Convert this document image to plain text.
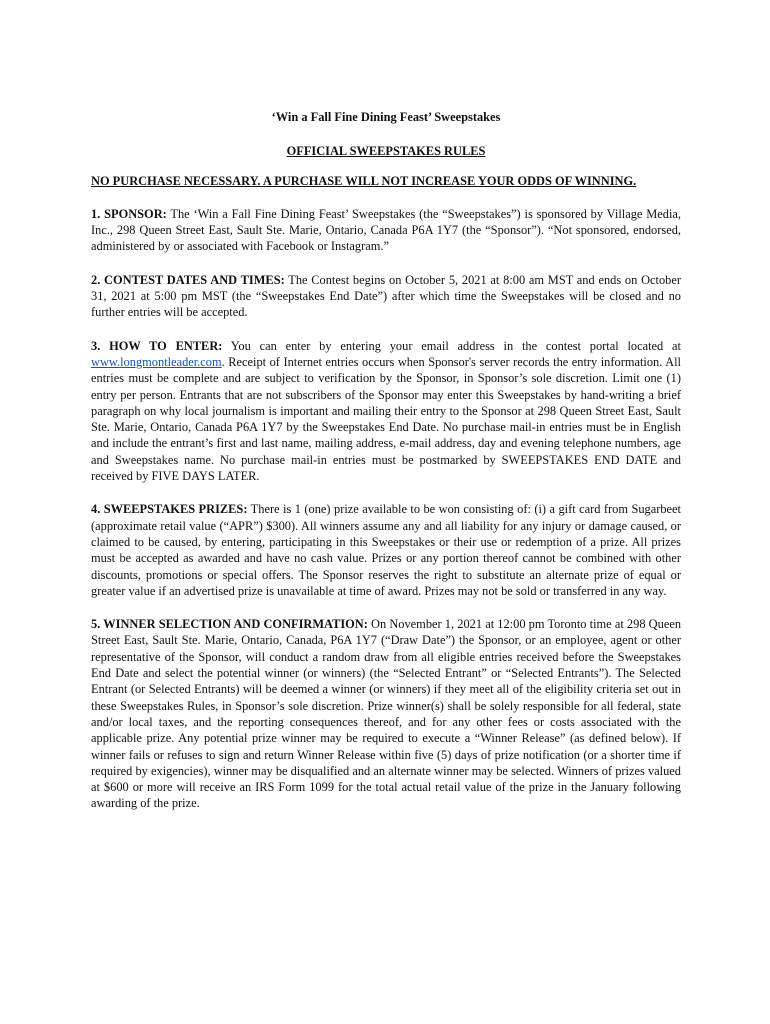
‘Win a Fall Fine Dining Feast’ Sweepstakes
OFFICIAL SWEEPSTAKES RULES
NO PURCHASE NECESSARY. A PURCHASE WILL NOT INCREASE YOUR ODDS OF WINNING.
1. SPONSOR: The ‘Win a Fall Fine Dining Feast’ Sweepstakes (the “Sweepstakes”) is sponsored by Village Media, Inc., 298 Queen Street East, Sault Ste. Marie, Ontario, Canada P6A 1Y7 (the “Sponsor”). “Not sponsored, endorsed, administered by or associated with Facebook or Instagram.”
2. CONTEST DATES AND TIMES: The Contest begins on October 5, 2021 at 8:00 am MST and ends on October 31, 2021 at 5:00 pm MST (the “Sweepstakes End Date”) after which time the Sweepstakes will be closed and no further entries will be accepted.
3. HOW TO ENTER: You can enter by entering your email address in the contest portal located at www.longmontleader.com. Receipt of Internet entries occurs when Sponsor's server records the entry information. All entries must be complete and are subject to verification by the Sponsor, in Sponsor’s sole discretion. Limit one (1) entry per person. Entrants that are not subscribers of the Sponsor may enter this Sweepstakes by hand-writing a brief paragraph on why local journalism is important and mailing their entry to the Sponsor at 298 Queen Street East, Sault Ste. Marie, Ontario, Canada P6A 1Y7 by the Sweepstakes End Date. No purchase mail-in entries must be in English and include the entrant’s first and last name, mailing address, e-mail address, day and evening telephone numbers, age and Sweepstakes name. No purchase mail-in entries must be postmarked by SWEEPSTAKES END DATE and received by FIVE DAYS LATER.
4. SWEEPSTAKES PRIZES: There is 1 (one) prize available to be won consisting of: (i) a gift card from Sugarbeet (approximate retail value (“APR”) $300). All winners assume any and all liability for any injury or damage caused, or claimed to be caused, by entering, participating in this Sweepstakes or their use or redemption of a prize. All prizes must be accepted as awarded and have no cash value. Prizes or any portion thereof cannot be combined with other discounts, promotions or special offers. The Sponsor reserves the right to substitute an alternate prize of equal or greater value if an advertised prize is unavailable at time of award. Prizes may not be sold or transferred in any way.
5. WINNER SELECTION AND CONFIRMATION: On November 1, 2021 at 12:00 pm Toronto time at 298 Queen Street East, Sault Ste. Marie, Ontario, Canada, P6A 1Y7 (“Draw Date”) the Sponsor, or an employee, agent or other representative of the Sponsor, will conduct a random draw from all eligible entries received before the Sweepstakes End Date and select the potential winner (or winners) (the “Selected Entrant” or “Selected Entrants”). The Selected Entrant (or Selected Entrants) will be deemed a winner (or winners) if they meet all of the eligibility criteria set out in these Sweepstakes Rules, in Sponsor’s sole discretion. Prize winner(s) shall be solely responsible for all federal, state and/or local taxes, and the reporting consequences thereof, and for any other fees or costs associated with the applicable prize. Any potential prize winner may be required to execute a “Winner Release” (as defined below). If winner fails or refuses to sign and return Winner Release within five (5) days of prize notification (or a shorter time if required by exigencies), winner may be disqualified and an alternate winner may be selected. Winners of prizes valued at $600 or more will receive an IRS Form 1099 for the total actual retail value of the prize in the January following awarding of the prize.
